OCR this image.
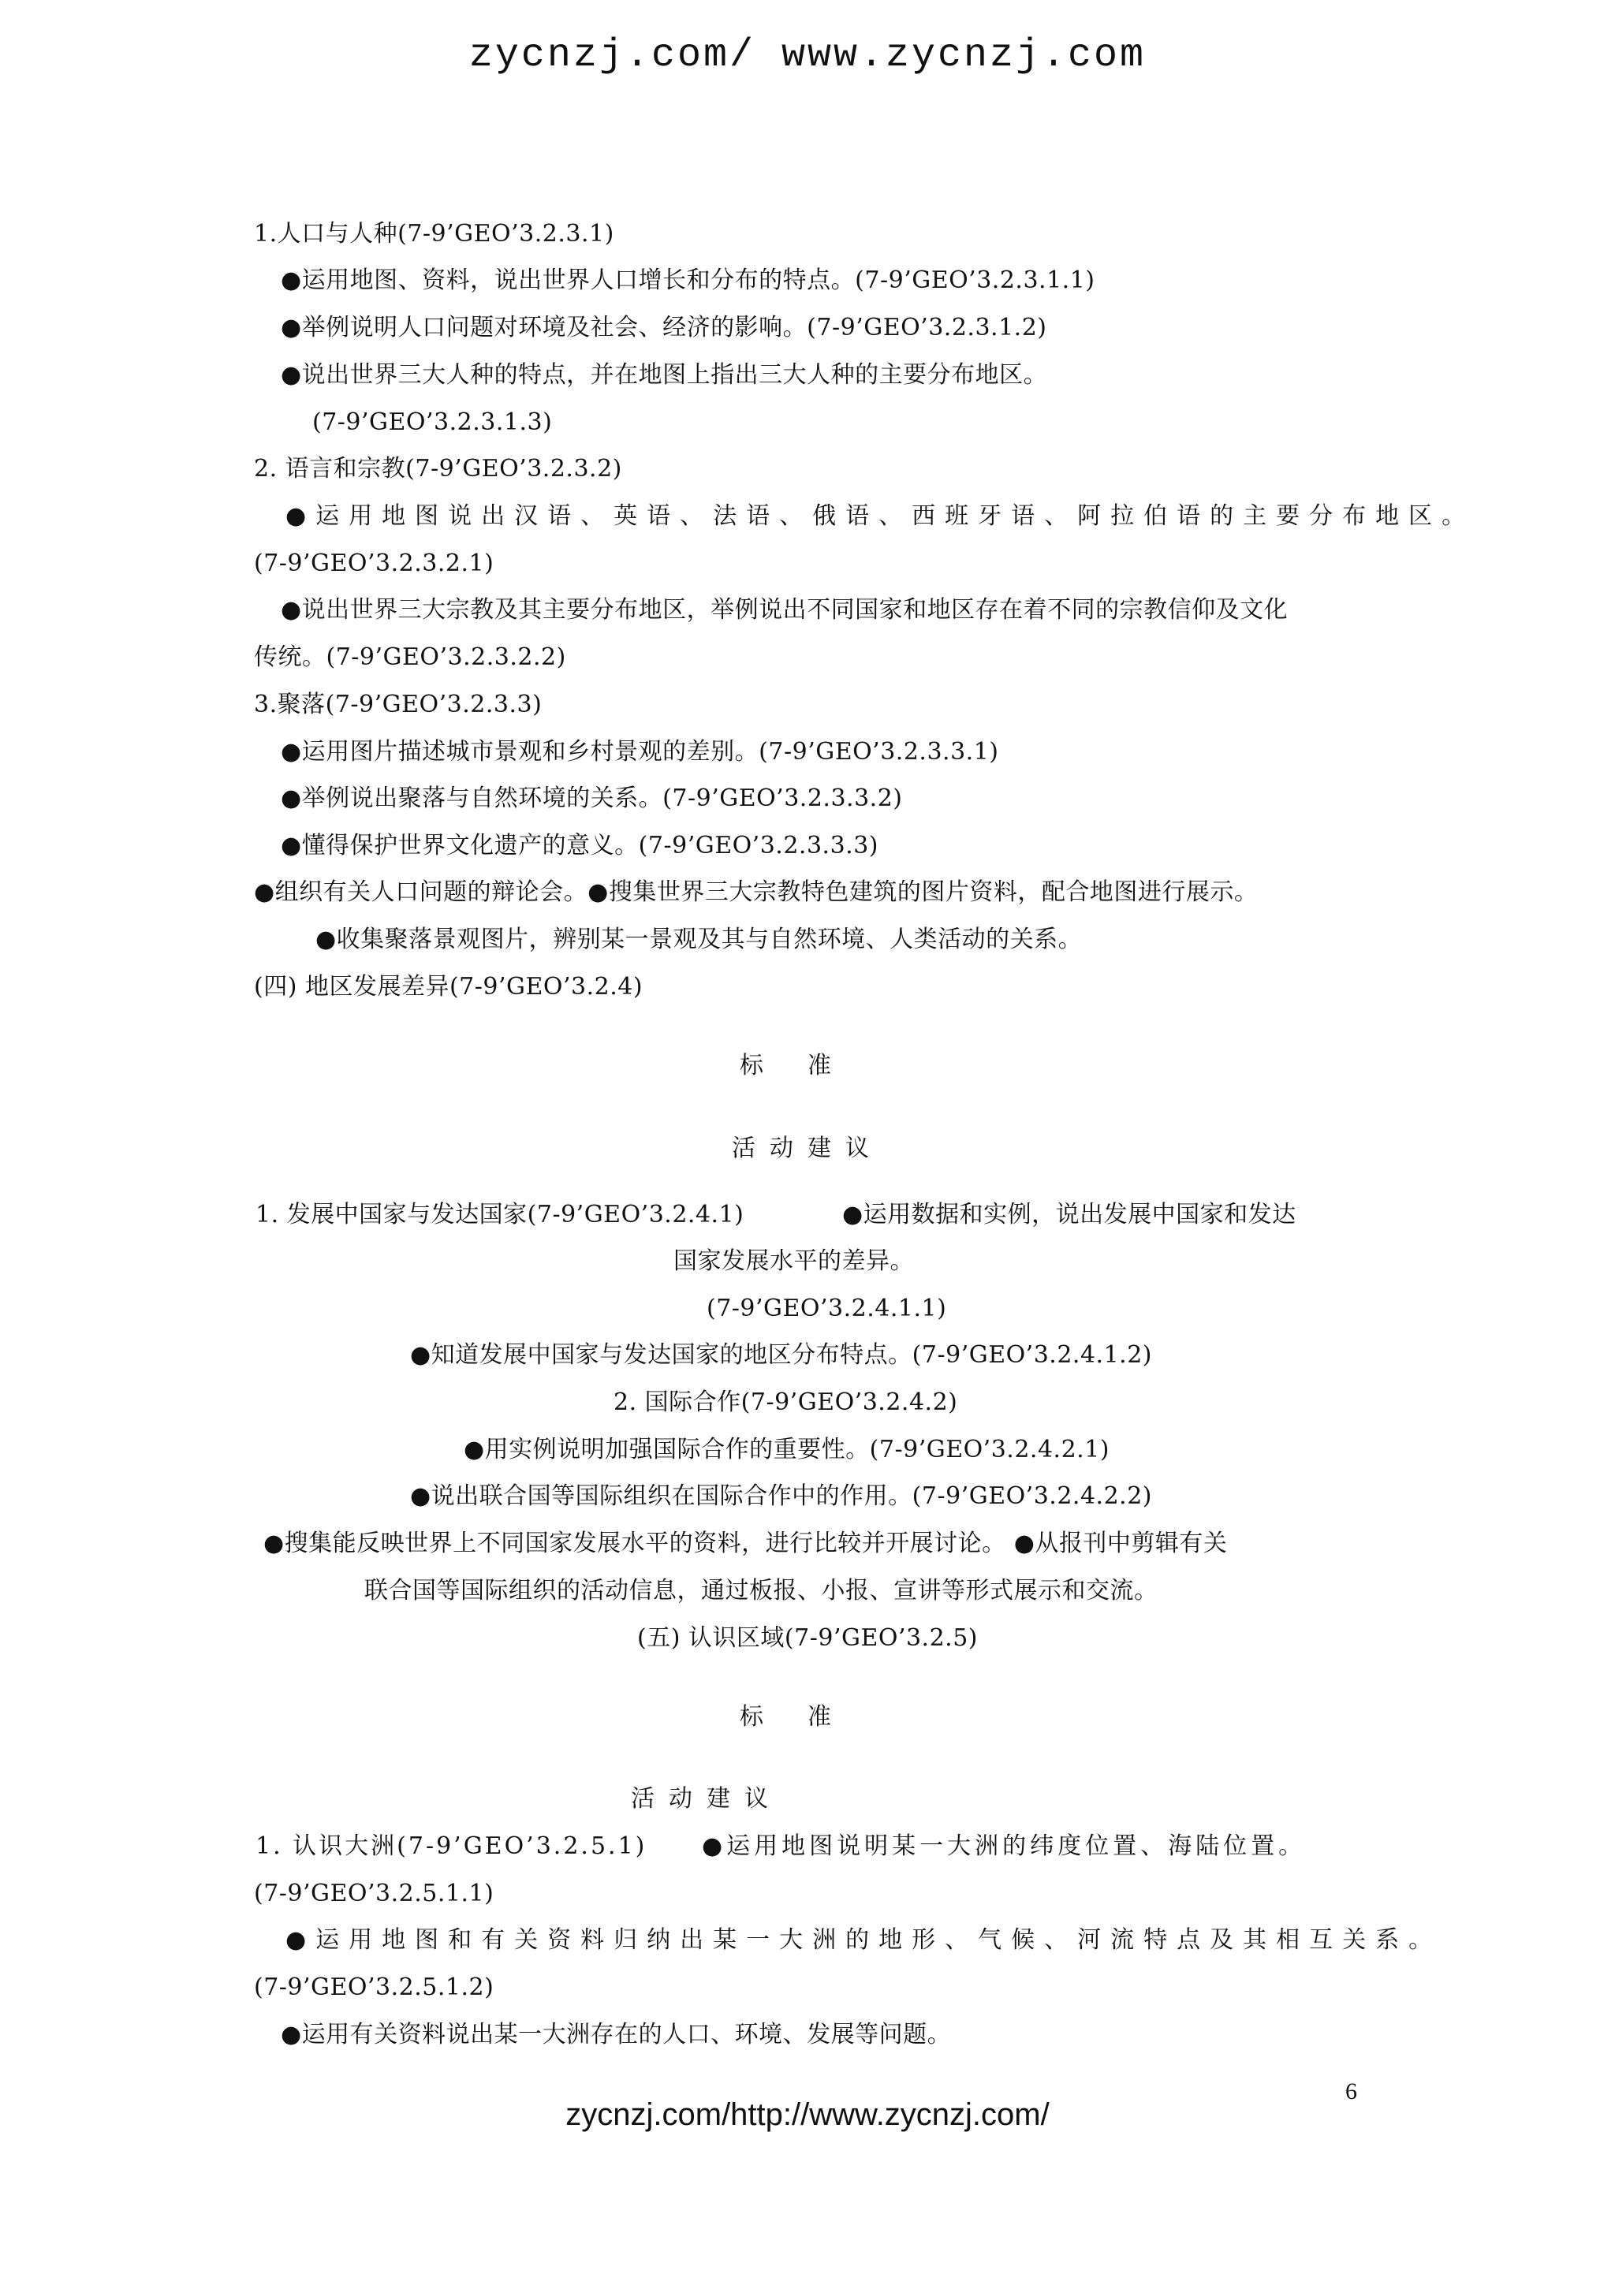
zycnzj.com/ www.zycnzj.com
1.人口与人种(7-9’GEO’3.2.3.1)
●运用地图、资料，说出世界人口增长和分布的特点。(7-9’GEO’3.2.3.1.1)
●举例说明人口问题对环境及社会、经济的影响。(7-9’GEO’3.2.3.1.2)
●说出世界三大人种的特点，并在地图上指出三大人种的主要分布地区。
(7-9’GEO’3.2.3.1.3)
2. 语言和宗教(7-9’GEO’3.2.3.2)
●运用地图说出汉语、英语、法语、俄语、西班牙语、阿拉伯语的主要分布地区。
(7-9’GEO’3.2.3.2.1)
●说出世界三大宗教及其主要分布地区，举例说出不同国家和地区存在着不同的宗教信仰及文化
传统。(7-9’GEO’3.2.3.2.2)
3.聚落(7-9’GEO’3.2.3.3)
●运用图片描述城市景观和乡村景观的差别。(7-9’GEO’3.2.3.3.1)
●举例说出聚落与自然环境的关系。(7-9’GEO’3.2.3.3.2)
●懂得保护世界文化遗产的意义。(7-9’GEO’3.2.3.3.3)
●组织有关人口问题的辩论会。●搜集世界三大宗教特色建筑的图片资料，配合地图进行展示。
●收集聚落景观图片，辨别某一景观及其与自然环境、人类活动的关系。
(四) 地区发展差异(7-9’GEO’3.2.4)
标准
活动建议
1. 发展中国家与发达国家(7-9’GEO’3.2.4.1)	●运用数据和实例，说出发展中国家和发达
国家发展水平的差异。
(7-9’GEO’3.2.4.1.1)
●知道发展中国家与发达国家的地区分布特点。(7-9’GEO’3.2.4.1.2)
2. 国际合作(7-9’GEO’3.2.4.2)
●用实例说明加强国际合作的重要性。(7-9’GEO’3.2.4.2.1)
●说出联合国等国际组织在国际合作中的作用。(7-9’GEO’3.2.4.2.2)
●搜集能反映世界上不同国家发展水平的资料，进行比较并开展讨论。 ●从报刊中剪辑有关
联合国等国际组织的活动信息，通过板报、小报、宣讲等形式展示和交流。
(五) 认识区域(7-9’GEO’3.2.5)
标准
活动建议
1. 认识大洲(7-9’GEO’3.2.5.1) ●运用地图说明某一大洲的纬度位置、海陆位置。
(7-9’GEO’3.2.5.1.1)
●运用地图和有关资料归纳出某一大洲的地形、气候、河流特点及其相互关系。
(7-9’GEO’3.2.5.1.2)
●运用有关资料说出某一大洲存在的人口、环境、发展等问题。
6
zycnzj.com/http://www.zycnzj.com/
